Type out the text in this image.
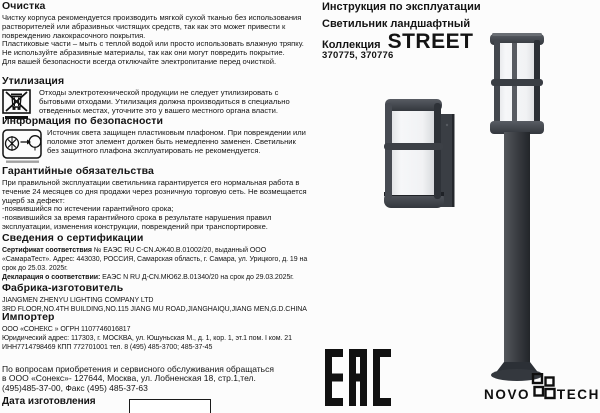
Очистка

Чистку корпуса рекомендуется производить мягкой сухой тканью без использования растворителей или абразивных чистящих средств, так как это может привести к повреждению лакокрасочного покрытия.

Пластиковые части – мыть с теплой водой или просто использовать влажную тряпку. Не используйте абразивные материалы, так как они могут повредить покрытие.

Для вашей безопасности всегда отключайте электропитание перед очисткой.

Утилизация

Отходы электротехнической продукции не следует утилизировать с бытовыми отходами. Утилизация должна производиться в специально отведенных местах, уточните это у вашего местного органа власти.

Информация по безопасности

Источник света защищен пластиковым плафоном. При повреждении или поломке этот элемент должен быть немедленно заменен. Светильник без защитного плафона эксплуатировать не рекомендуется.

Гарантийные обязательства

При правильной эксплуатации светильника гарантируется его нормальная работа в течение 24 месяцев со дня продажи через розничную торговую сеть. Не возмещается ущерб за дефект:

-появившийся по истечении гарантийного срока;

-появившийся за время гарантийного срока в результате нарушения правил эксплуатации, изменения конструкции, повреждений при транспортировке.

Сведения о сертификации

Сертификат соответствия № ЕАЭС RU C-CN.АЖ40.В.01002/20, выданный ООО «СамараТест». Адрес: 443030, РОССИЯ, Самарская область, г. Самара, ул. Урицкого, д. 19 на срок до 25.03. 2025г.

Декларация о соответствии: ЕАЭС N RU Д-CN.МЮ62.В.01340/20 на срок до 29.03.2025г.

Фабрика-изготовитель

JIANGMEN ZHENYU LIGHTING COMPANY LTD

3RD FLOOR,NO.4TH BUILDING,NO.115 JIANG MU ROAD,JIANGHAIQU,JIANG MEN,G.D.CHINA

Импортер

ООО «СОНЕКС » ОГРН 1107746016817

Юридический адрес: 117303, г. МОСКВА, ул. Юшуньская М., д. 1, кор. 1, эт.1 пом. I ком. 21

ИНН7714798469 КПП 772701001 тел. 8 (495) 485-3700; 485-37-45

По вопросам приобретения и сервисного обслуживания обращаться в ООО «Сонекс»- 127644, Москва, ул. Лобненская 18, стр.1,тел. (495)485-37-00, Факс (495) 485-37-63

Дата изготовления
Инструкция по эксплуатации
Светильник ландшафтный
Коллекция STREET
370775, 370776
NOVO TECH
